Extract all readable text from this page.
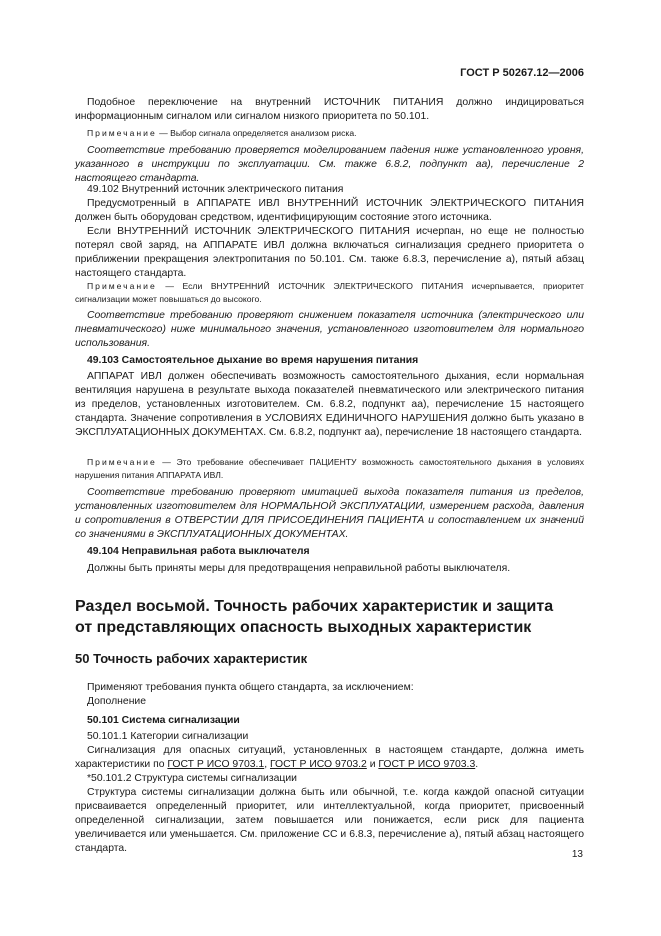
ГОСТ Р 50267.12—2006

Подобное переключение на внутренний ИСТОЧНИК ПИТАНИЯ должно индицироваться информационным сигналом или сигналом низкого приоритета по 50.101.

Примечание — Выбор сигнала определяется анализом риска.

Соответствие требованию проверяется моделированием падения ниже установленного уровня, указанного в инструкции по эксплуатации. См. также 6.8.2, подпункт аа), перечисление 2 настоящего стандарта.

49.102 Внутренний источник электрического питания

Предусмотренный в АППАРАТЕ ИВЛ ВНУТРЕННИЙ ИСТОЧНИК ЭЛЕКТРИЧЕСКОГО ПИТАНИЯ должен быть оборудован средством, идентифицирующим состояние этого источника.

Если ВНУТРЕННИЙ ИСТОЧНИК ЭЛЕКТРИЧЕСКОГО ПИТАНИЯ исчерпан, но еще не полностью потерял свой заряд, на АППАРАТЕ ИВЛ должна включаться сигнализация среднего приоритета о приближении прекращения электропитания по 50.101. См. также 6.8.3, перечисление а), пятый абзац настоящего стандарта.

Примечание — Если ВНУТРЕННИЙ ИСТОЧНИК ЭЛЕКТРИЧЕСКОГО ПИТАНИЯ исчерпывается, приоритет сигнализации может повышаться до высокого.

Соответствие требованию проверяют снижением показателя источника (электрического или пневматического) ниже минимального значения, установленного изготовителем для нормального использования.

49.103 Самостоятельное дыхание во время нарушения питания

АППАРАТ ИВЛ должен обеспечивать возможность самостоятельного дыхания, если нормальная вентиляция нарушена в результате выхода показателей пневматического или электрического питания из пределов, установленных изготовителем. См. 6.8.2, подпункт аа), перечисление 15 настоящего стандарта. Значение сопротивления в УСЛОВИЯХ ЕДИНИЧНОГО НАРУШЕНИЯ должно быть указано в ЭКСПЛУАТАЦИОННЫХ ДОКУМЕНТАХ. См. 6.8.2, подпункт аа), перечисление 18 настоящего стандарта.

Примечание — Это требование обеспечивает ПАЦИЕНТУ возможность самостоятельного дыхания в условиях нарушения питания АППАРАТА ИВЛ.

Соответствие требованию проверяют имитацией выхода показателя питания из пределов, установленных изготовителем для НОРМАЛЬНОЙ ЭКСПЛУАТАЦИИ, измерением расхода, давления и сопротивления в ОТВЕРСТИИ ДЛЯ ПРИСОЕДИНЕНИЯ ПАЦИЕНТА и сопоставлением их значений со значениями в ЭКСПЛУАТАЦИОННЫХ ДОКУМЕНТАХ.

49.104 Неправильная работа выключателя

Должны быть приняты меры для предотвращения неправильной работы выключателя.

Раздел восьмой. Точность рабочих характеристик и защита
от представляющих опасность выходных характеристик

50 Точность рабочих характеристик

Применяют требования пункта общего стандарта, за исключением:

Дополнение

50.101 Система сигнализации

50.101.1 Категории сигнализации

Сигнализация для опасных ситуаций, установленных в настоящем стандарте, должна иметь характеристики по ГОСТ Р ИСО 9703.1, ГОСТ Р ИСО 9703.2 и ГОСТ Р ИСО 9703.3.

*50.101.2 Структура системы сигнализации

Структура системы сигнализации должна быть или обычной, т.е. когда каждой опасной ситуации присваивается определенный приоритет, или интеллектуальной, когда приоритет, присвоенный определенной сигнализации, затем повышается или понижается, если риск для пациента увеличивается или уменьшается. См. приложение СС и 6.8.3, перечисление а), пятый абзац настоящего стандарта.

13
